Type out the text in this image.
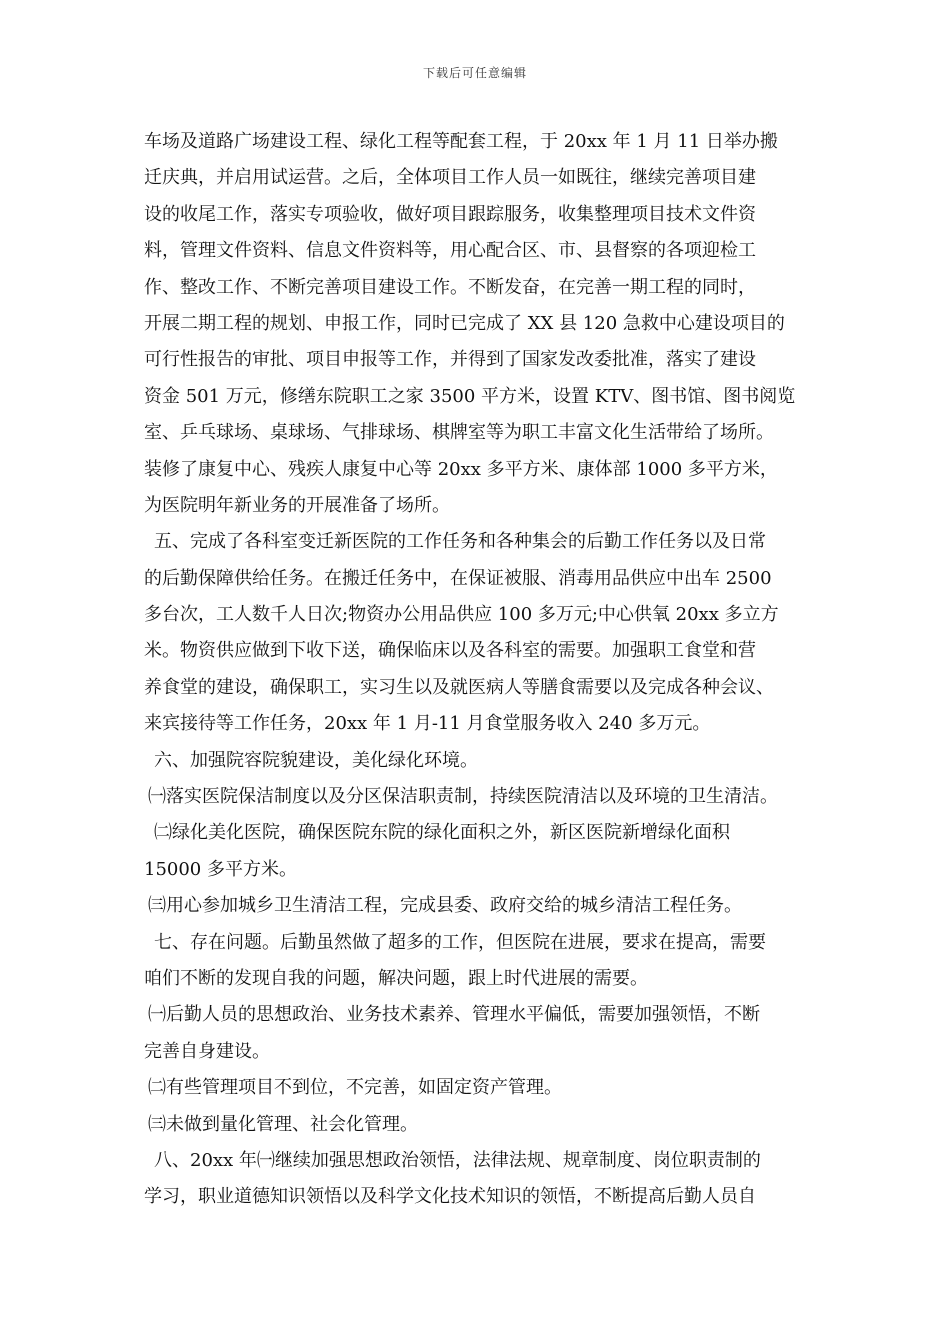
下载后可任意编辑
车场及道路广场建设工程、绿化工程等配套工程，于 20xx 年 1 月 11 日举办搬
迁庆典，并启用试运营。之后，全体项目工作人员一如既往，继续完善项目建
设的收尾工作，落实专项验收，做好项目跟踪服务，收集整理项目技术文件资
料，管理文件资料、信息文件资料等，用心配合区、市、县督察的各项迎检工
作、整改工作、不断完善项目建设工作。不断发奋，在完善一期工程的同时，
开展二期工程的规划、申报工作，同时已完成了 XX 县 120 急救中心建设项目的
可行性报告的审批、项目申报等工作，并得到了国家发改委批准，落实了建设
资金 501 万元，修缮东院职工之家 3500 平方米，设置 KTV、图书馆、图书阅览
室、乒乓球场、桌球场、气排球场、棋牌室等为职工丰富文化生活带给了场所。
装修了康复中心、残疾人康复中心等 20xx 多平方米、康体部 1000 多平方米，
为医院明年新业务的开展准备了场所。
五、完成了各科室变迁新医院的工作任务和各种集会的后勤工作任务以及日常
的后勤保障供给任务。在搬迁任务中，在保证被服、消毒用品供应中出车 2500
多台次，工人数千人日次;物资办公用品供应 100 多万元;中心供氧 20xx 多立方
米。物资供应做到下收下送，确保临床以及各科室的需要。加强职工食堂和营
养食堂的建设，确保职工，实习生以及就医病人等膳食需要以及完成各种会议、
来宾接待等工作任务，20xx 年 1 月-11 月食堂服务收入 240 多万元。
六、加强院容院貌建设，美化绿化环境。
㈠落实医院保洁制度以及分区保洁职责制，持续医院清洁以及环境的卫生清洁。
㈡绿化美化医院，确保医院东院的绿化面积之外，新区医院新增绿化面积
15000 多平方米。
㈢用心参加城乡卫生清洁工程，完成县委、政府交给的城乡清洁工程任务。
七、存在问题。后勤虽然做了超多的工作，但医院在进展，要求在提高，需要
咱们不断的发现自我的问题，解决问题，跟上时代进展的需要。
㈠后勤人员的思想政治、业务技术素养、管理水平偏低，需要加强领悟，不断
完善自身建设。
㈡有些管理项目不到位，不完善，如固定资产管理。
㈢未做到量化管理、社会化管理。
八、20xx 年㈠继续加强思想政治领悟，法律法规、规章制度、岗位职责制的
学习，职业道德知识领悟以及科学文化技术知识的领悟，不断提高后勤人员自
